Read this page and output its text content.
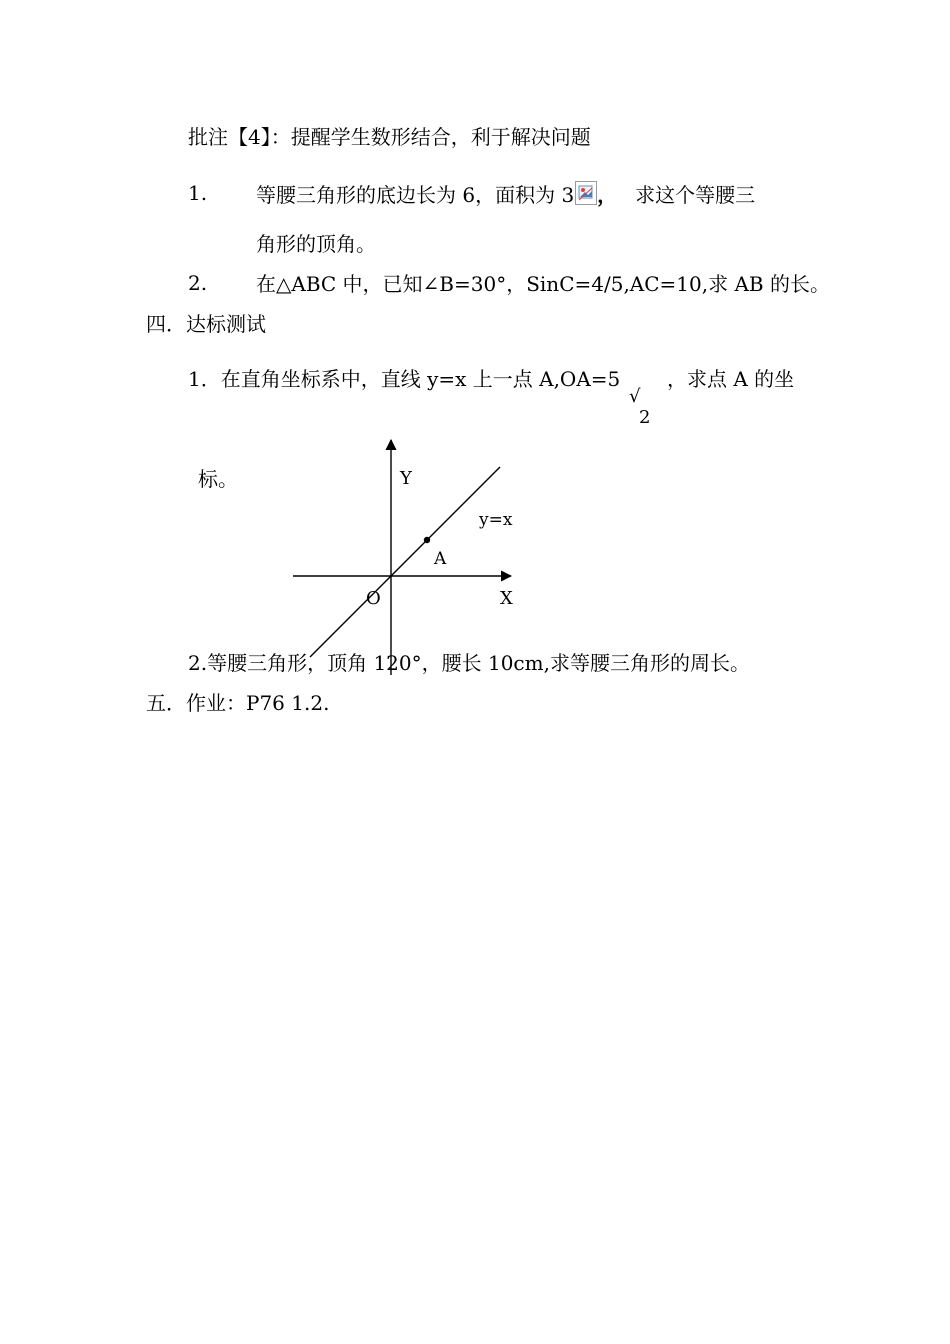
批注【4】：提醒学生数形结合，利于解决问题
1. 等腰三角形的底边长为 6，面积为 3 ， 求这个等腰三
角形的顶角。
2. 在△ABC 中，已知∠B=30°，SinC=4/5,AC=10,求 AB 的长。
四．达标测试
1．在直角坐标系中，直线 y=x 上一点 A,OA=5
√
2
，求点 A 的坐
标。	Y
X
O
y=x
A
2.等腰三角形，顶角 120°，腰长 10cm,求等腰三角形的周长。
五．作业：P76 1.2.
